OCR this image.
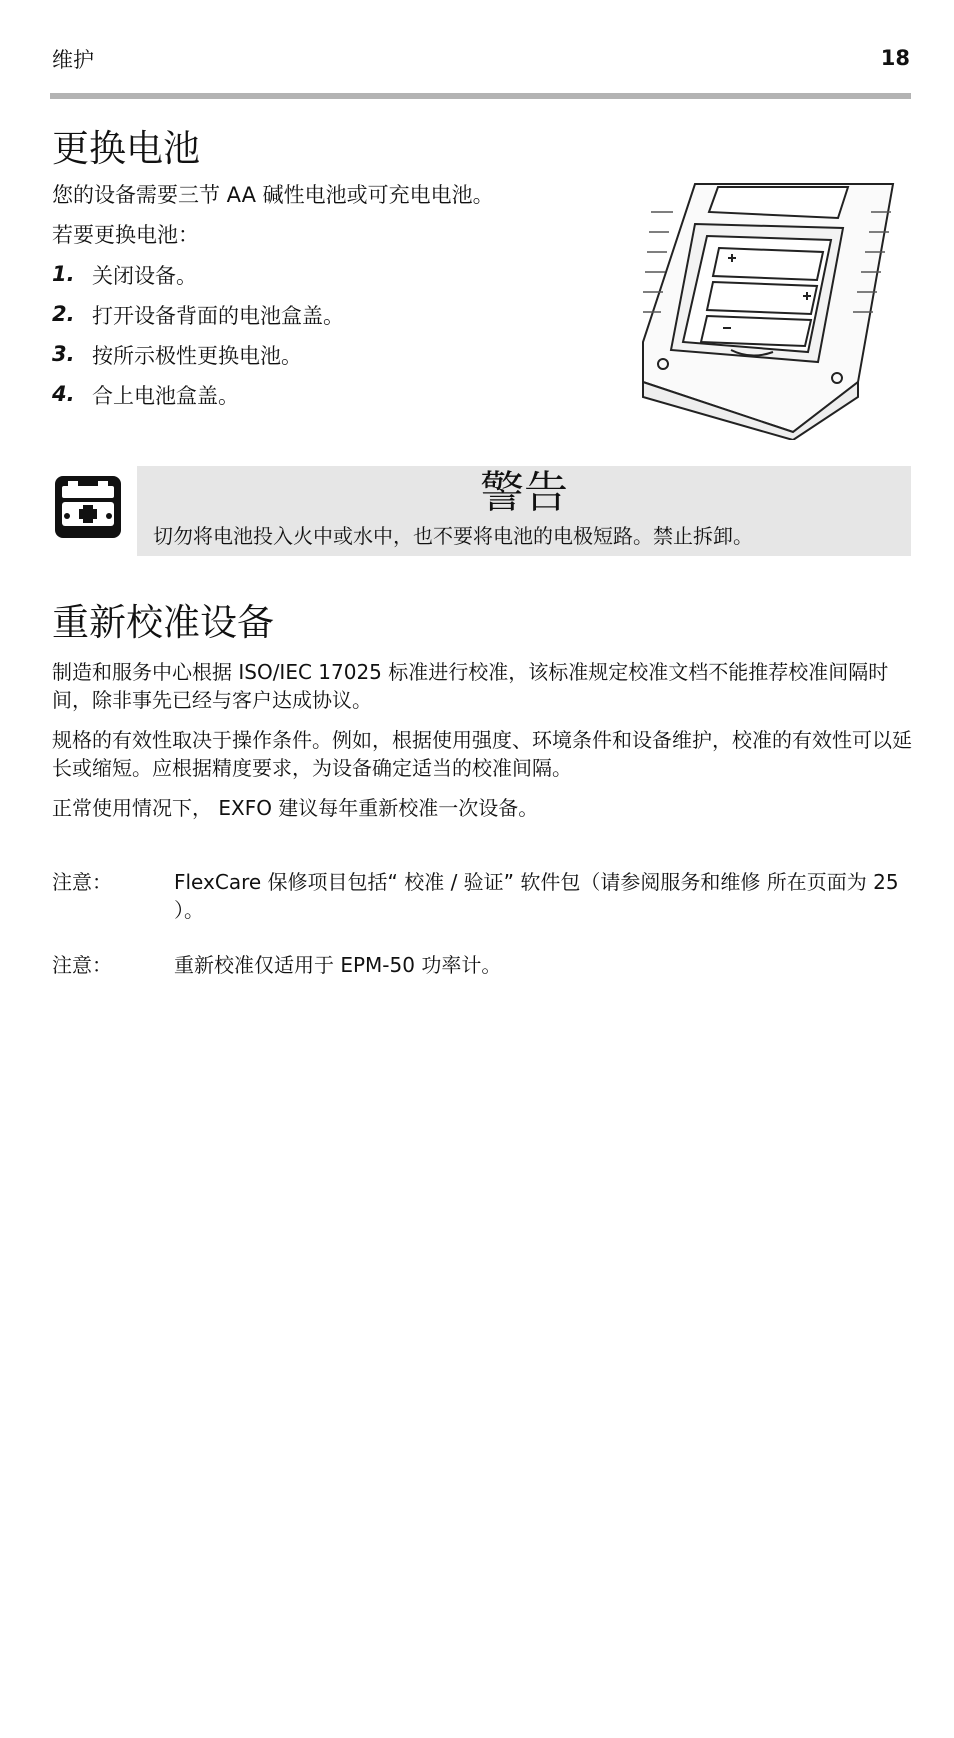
维护	18
更换电池

您的设备需要三节 AA 碱性电池或可充电电池。

若要更换电池：

1. 关闭设备。
2. 打开设备背面的电池盒盖。
3. 按所示极性更换电池。
4. 合上电池盒盖。
警告
切勿将电池投入火中或水中，也不要将电池的电极短路。禁止拆卸。
重新校准设备

制造和服务中心根据 ISO/IEC 17025 标准进行校准，该标准规定校准文档不能推荐校准间隔时间，除非事先已经与客户达成协议。

规格的有效性取决于操作条件。例如，根据使用强度、环境条件和设备维护，校准的有效性可以延长或缩短。应根据精度要求，为设备确定适当的校准间隔。

正常使用情况下， EXFO 建议每年重新校准一次设备。

注意：	FlexCare 保修项目包括“ 校准 / 验证” 软件包（请参阅服务和维修 所在页面为 25 ）。
注意：	重新校准仅适用于 EPM-50 功率计。
